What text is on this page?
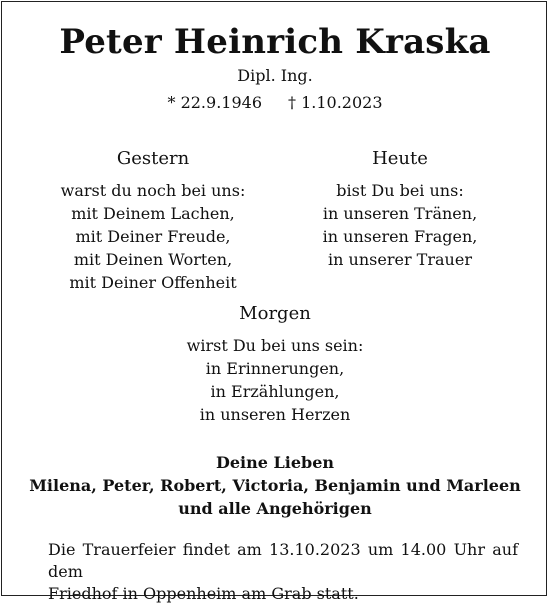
Peter Heinrich Kraska
Dipl. Ing.
* 22.9.1946 † 1.10.2023
Gestern
warst du noch bei uns:
mit Deinem Lachen,
mit Deiner Freude,
mit Deinen Worten,
mit Deiner Offenheit
Heute
bist Du bei uns:
in unseren Tränen,
in unseren Fragen,
in unserer Trauer
Morgen
wirst Du bei uns sein:
in Erinnerungen,
in Erzählungen,
in unseren Herzen
Deine Lieben
Milena, Peter, Robert, Victoria, Benjamin und Marleen
und alle Angehörigen
Die Trauerfeier findet am 13.10.2023 um 14.00 Uhr auf dem
Friedhof in Oppenheim am Grab statt.
